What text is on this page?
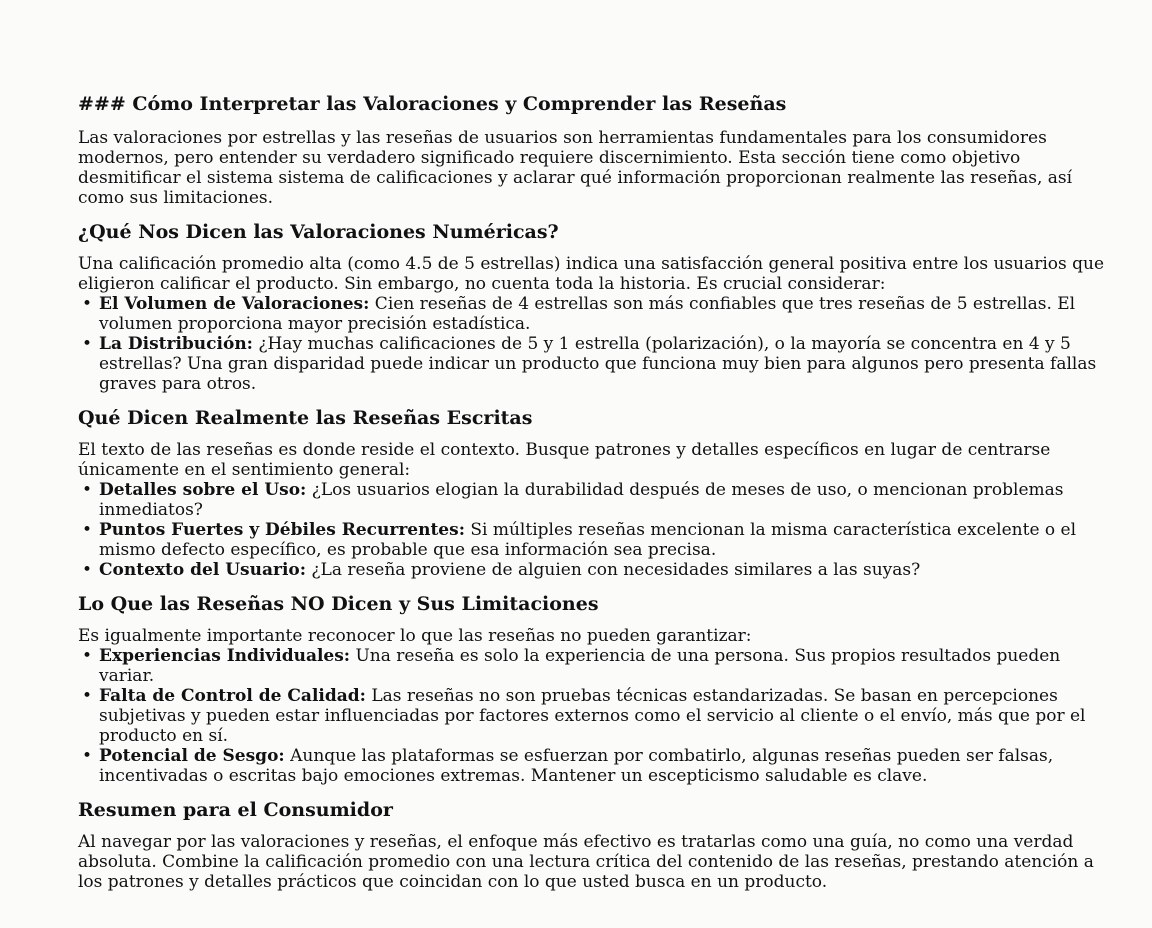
### Cómo Interpretar las Valoraciones y Comprender las Reseñas

Las valoraciones por estrellas y las reseñas de usuarios son herramientas fundamentales para los consumidores modernos, pero entender su verdadero significado requiere discernimiento. Esta sección tiene como objetivo desmitificar el sistema sistema de calificaciones y aclarar qué información proporcionan realmente las reseñas, así como sus limitaciones.

¿Qué Nos Dicen las Valoraciones Numéricas?

Una calificación promedio alta (como 4.5 de 5 estrellas) indica una satisfacción general positiva entre los usuarios que eligieron calificar el producto. Sin embargo, no cuenta toda la historia. Es crucial considerar:

• El Volumen de Valoraciones: Cien reseñas de 4 estrellas son más confiables que tres reseñas de 5 estrellas. El volumen proporciona mayor precisión estadística.
• La Distribución: ¿Hay muchas calificaciones de 5 y 1 estrella (polarización), o la mayoría se concentra en 4 y 5 estrellas? Una gran disparidad puede indicar un producto que funciona muy bien para algunos pero presenta fallas graves para otros.
Qué Dicen Realmente las Reseñas Escritas

El texto de las reseñas es donde reside el contexto. Busque patrones y detalles específicos en lugar de centrarse únicamente en el sentimiento general:

• Detalles sobre el Uso: ¿Los usuarios elogian la durabilidad después de meses de uso, o mencionan problemas inmediatos?
• Puntos Fuertes y Débiles Recurrentes: Si múltiples reseñas mencionan la misma característica excelente o el mismo defecto específico, es probable que esa información sea precisa.
• Contexto del Usuario: ¿La reseña proviene de alguien con necesidades similares a las suyas?
Lo Que las Reseñas NO Dicen y Sus Limitaciones

Es igualmente importante reconocer lo que las reseñas no pueden garantizar:

• Experiencias Individuales: Una reseña es solo la experiencia de una persona. Sus propios resultados pueden variar.
• Falta de Control de Calidad: Las reseñas no son pruebas técnicas estandarizadas. Se basan en percepciones subjetivas y pueden estar influenciadas por factores externos como el servicio al cliente o el envío, más que por el producto en sí.
• Potencial de Sesgo: Aunque las plataformas se esfuerzan por combatirlo, algunas reseñas pueden ser falsas, incentivadas o escritas bajo emociones extremas. Mantener un escepticismo saludable es clave.
Resumen para el Consumidor

Al navegar por las valoraciones y reseñas, el enfoque más efectivo es tratarlas como una guía, no como una verdad absoluta. Combine la calificación promedio con una lectura crítica del contenido de las reseñas, prestando atención a los patrones y detalles prácticos que coincidan con lo que usted busca en un producto.
